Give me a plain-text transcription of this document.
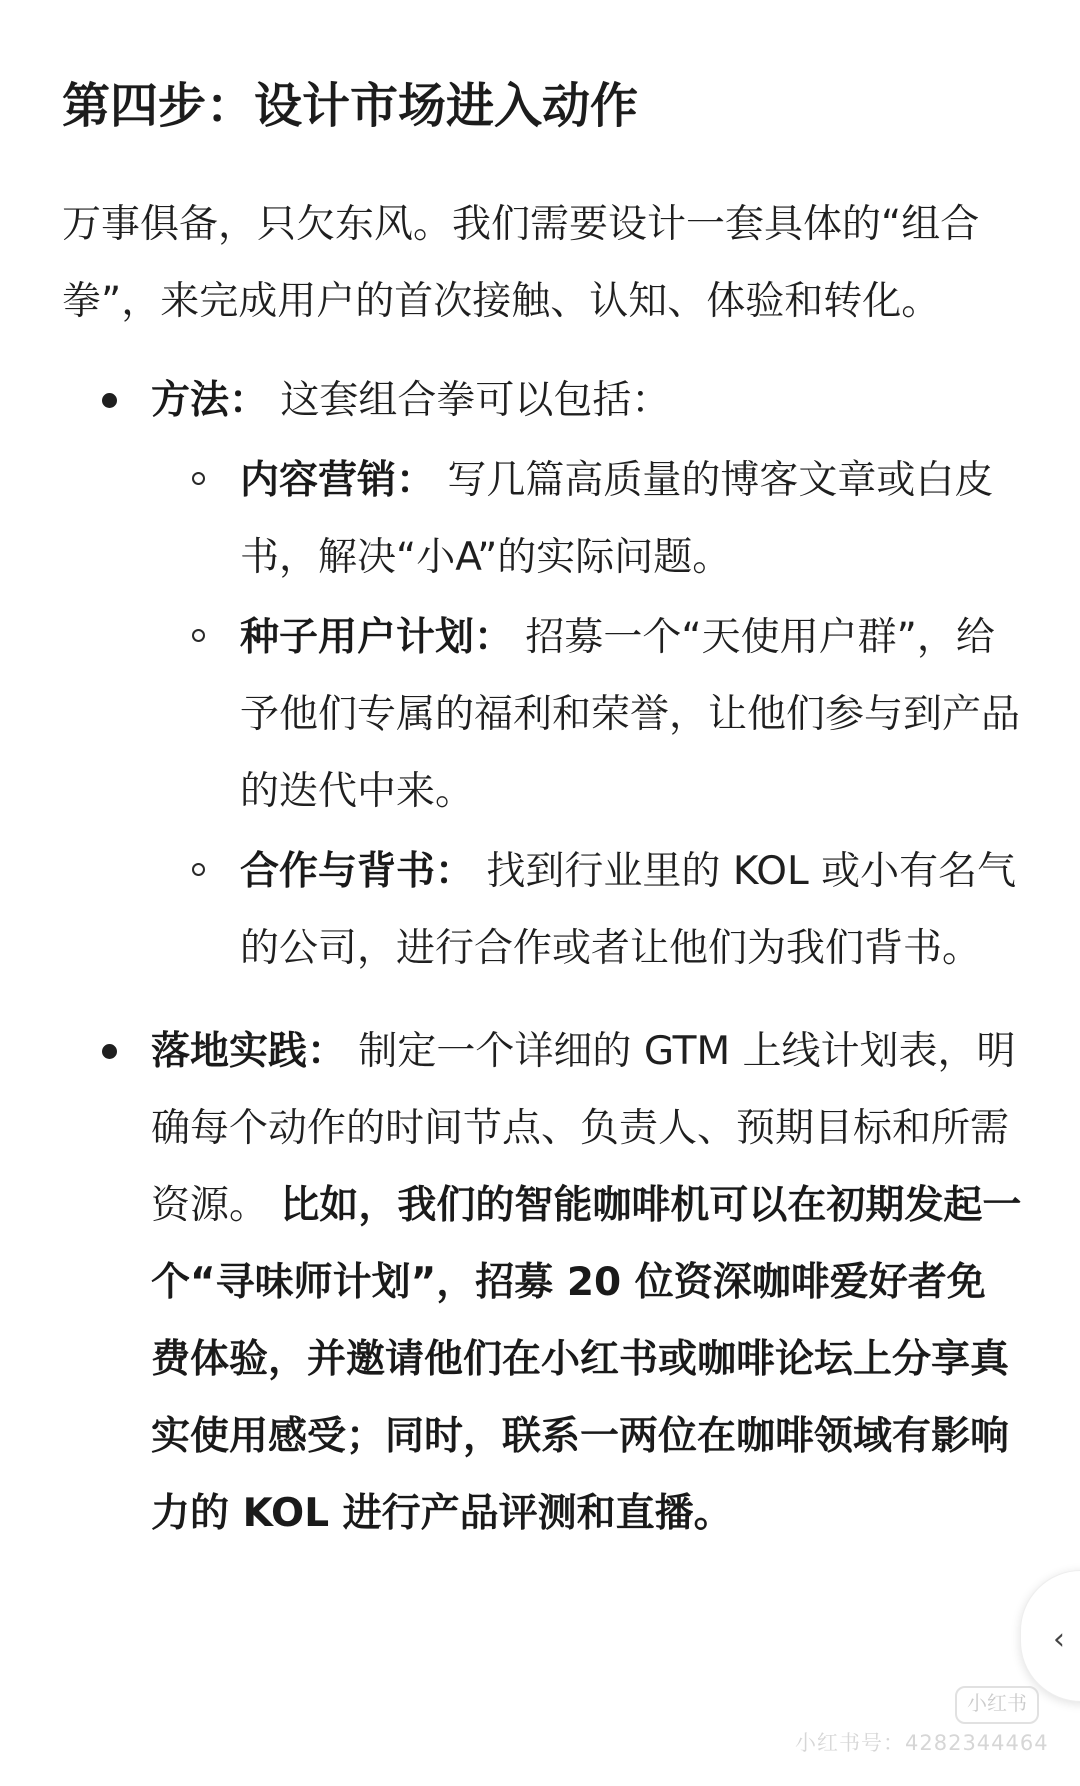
第四步：设计市场进入动作
万事俱备，只欠东风。我们需要设计一套具体的“组合拳”，来完成用户的首次接触、认知、体验和转化。
方法： 这套组合拳可以包括：
内容营销： 写几篇高质量的博客文章或白皮书，解决“小A”的实际问题。
种子用户计划： 招募一个“天使用户群”，给予他们专属的福利和荣誉，让他们参与到产品的迭代中来。
合作与背书： 找到行业里的 KOL 或小有名气的公司，进行合作或者让他们为我们背书。
落地实践： 制定一个详细的 GTM 上线计划表，明确每个动作的时间节点、负责人、预期目标和所需资源。 比如，我们的智能咖啡机可以在初期发起一个“寻味师计划”，招募 20 位资深咖啡爱好者免费体验，并邀请他们在小红书或咖啡论坛上分享真实使用感受；同时，联系一两位在咖啡领域有影响力的 KOL 进行产品评测和直播。
‹
小红书
小红书号：4282344464
